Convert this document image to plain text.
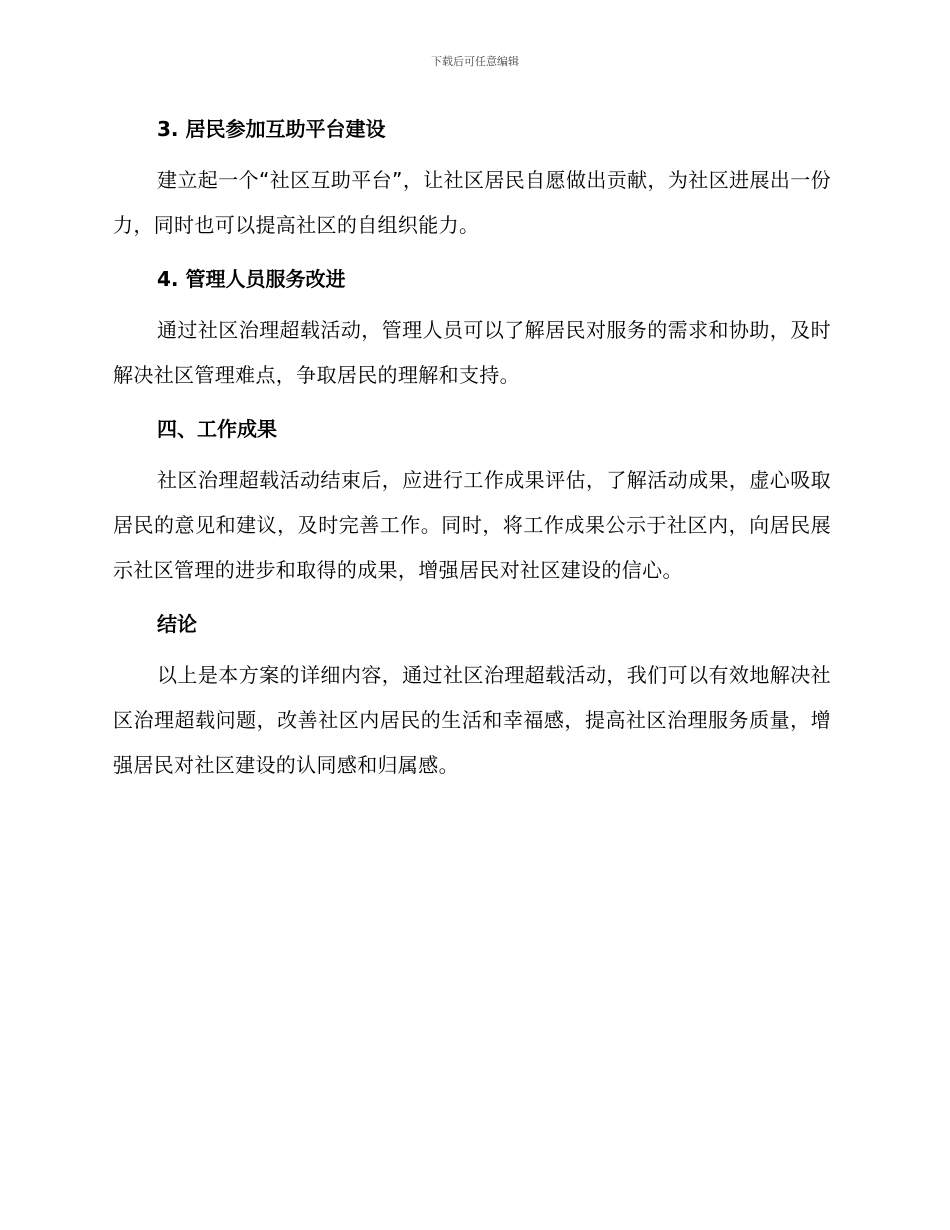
下载后可任意编辑
3. 居民参加互助平台建设

建立起一个“社区互助平台”，让社区居民自愿做出贡献，为社区进展出一份力，同时也可以提高社区的自组织能力。

4. 管理人员服务改进

通过社区治理超载活动，管理人员可以了解居民对服务的需求和协助，及时解决社区管理难点，争取居民的理解和支持。

四、工作成果

社区治理超载活动结束后，应进行工作成果评估，了解活动成果，虚心吸取居民的意见和建议，及时完善工作。同时，将工作成果公示于社区内，向居民展示社区管理的进步和取得的成果，增强居民对社区建设的信心。

结论

以上是本方案的详细内容，通过社区治理超载活动，我们可以有效地解决社区治理超载问题，改善社区内居民的生活和幸福感，提高社区治理服务质量，增强居民对社区建设的认同感和归属感。
